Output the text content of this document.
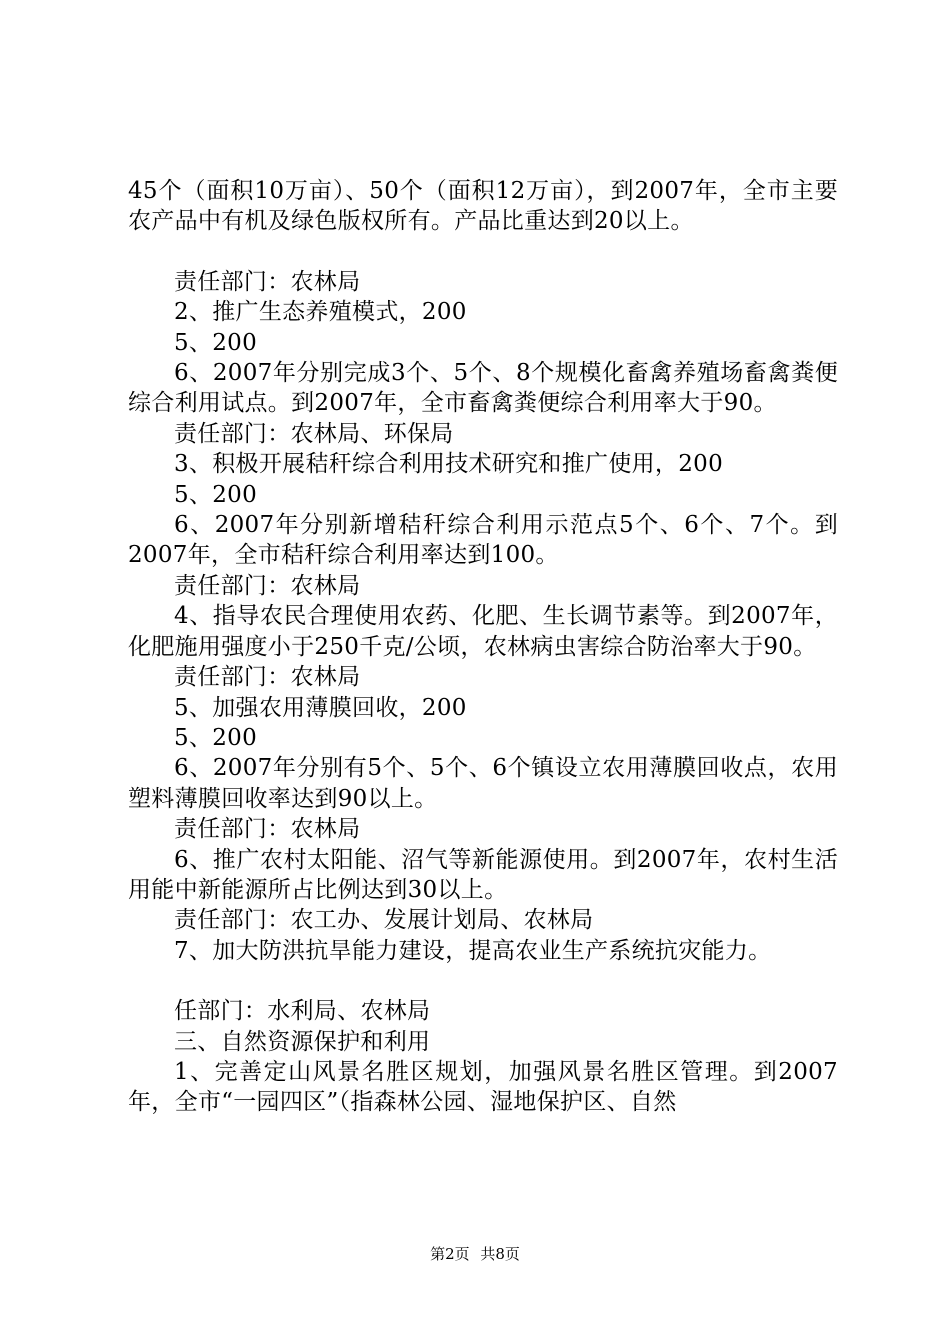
45个（面积10万亩）、50个（面积12万亩），到2007年，全市主要农产品中有机及绿色版权所有。产品比重达到20以上。

责任部门：农林局

2、推广生态养殖模式，200

5、200

6、2007年分别完成3个、5个、8个规模化畜禽养殖场畜禽粪便综合利用试点。到2007年，全市畜禽粪便综合利用率大于90。

责任部门：农林局、环保局

3、积极开展秸秆综合利用技术研究和推广使用，200

5、200

6、2007年分别新增秸秆综合利用示范点5个、6个、7个。到2007年，全市秸秆综合利用率达到100。

责任部门：农林局

4、指导农民合理使用农药、化肥、生长调节素等。到2007年，化肥施用强度小于250千克/公顷，农林病虫害综合防治率大于90。

责任部门：农林局

5、加强农用薄膜回收，200

5、200

6、2007年分别有5个、5个、6个镇设立农用薄膜回收点，农用塑料薄膜回收率达到90以上。

责任部门：农林局

6、推广农村太阳能、沼气等新能源使用。到2007年，农村生活用能中新能源所占比例达到30以上。

责任部门：农工办、发展计划局、农林局

7、加大防洪抗旱能力建设，提高农业生产系统抗灾能力。

任部门：水利局、农林局

三、自然资源保护和利用

1、完善定山风景名胜区规划，加强风景名胜区管理。到2007年，全市“一园四区”（指森林公园、湿地保护区、自然

第2页 共8页
